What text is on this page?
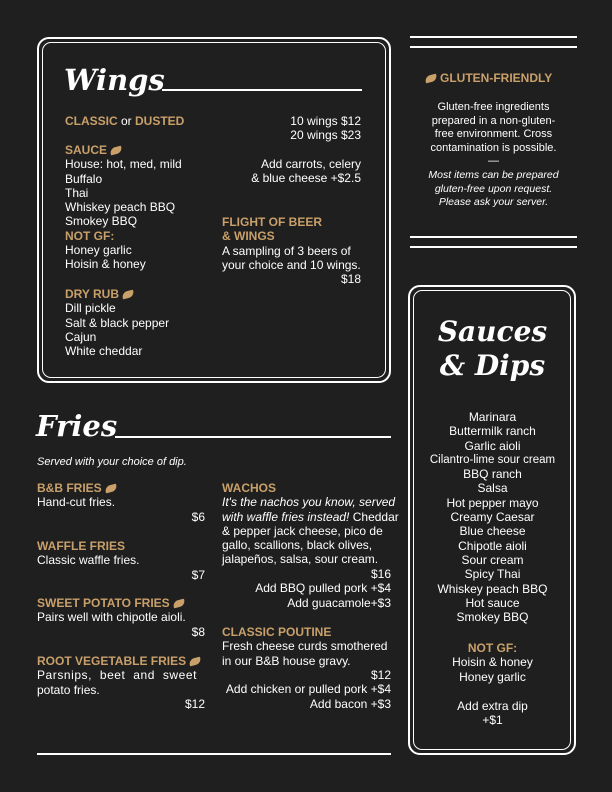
Wings
CLASSIC or DUSTED	10 wings $12
20 wings $23
SAUCE
House: hot, med, mild
Buffalo
Thai
Whiskey peach BBQ
Smokey BBQ
NOT GF:
Honey garlic
Hoisin & honey
DRY RUB
Dill pickle
Salt & black pepper
Cajun
White cheddar
Add carrots, celery
& blue cheese +$2.5
FLIGHT OF BEER
& WINGS
A sampling of 3 beers of
your choice and 10 wings.
$18
GLUTEN-FRIENDLY
Gluten-free ingredients
prepared in a non-gluten-
free environment. Cross
contamination is possible.
—
Most items can be prepared
gluten-free upon request.
Please ask your server.
Fries
Served with your choice of dip.
B&B FRIES
Hand-cut fries.
$6
WAFFLE FRIES
Classic waffle fries.
$7
SWEET POTATO FRIES
Pairs well with chipotle aioli.
$8
ROOT VEGETABLE FRIES
Parsnips, beet and sweet
potato fries.
$12
WACHOS
It's the nachos you know, served
with waffle fries instead! Cheddar
& pepper jack cheese, pico de
gallo, scallions, black olives,
jalapeños, salsa, sour cream.
$16
Add BBQ pulled pork +$4
Add guacamole+$3
CLASSIC POUTINE
Fresh cheese curds smothered
in our B&B house gravy.
$12
Add chicken or pulled pork +$4
Add bacon +$3
Sauces
& Dips
Marinara
Buttermilk ranch
Garlic aioli
Cilantro-lime sour cream
BBQ ranch
Salsa
Hot pepper mayo
Creamy Caesar
Blue cheese
Chipotle aioli
Sour cream
Spicy Thai
Whiskey peach BBQ
Hot sauce
Smokey BBQ
NOT GF:
Hoisin & honey
Honey garlic
Add extra dip
+$1
